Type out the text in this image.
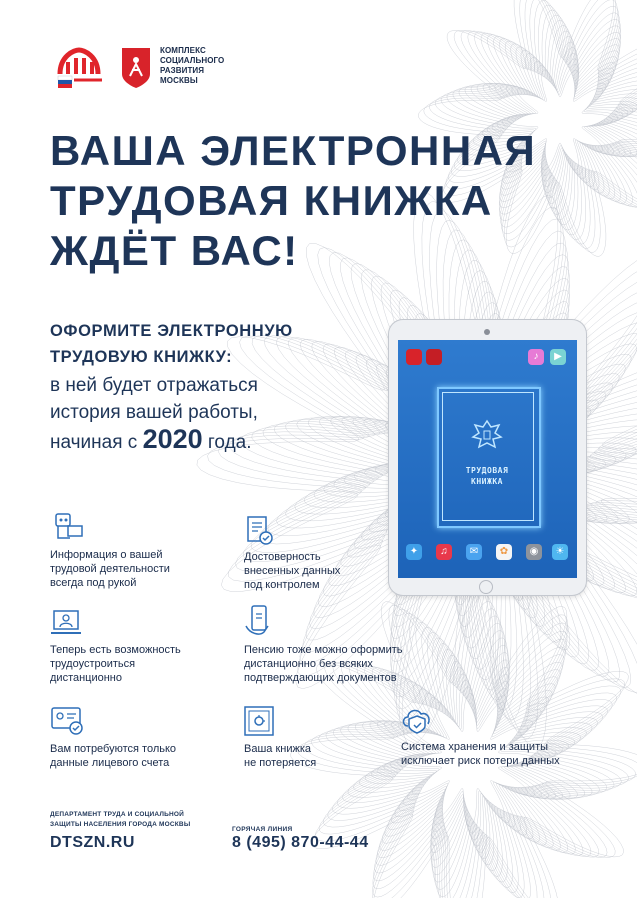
КОМПЛЕКС
СОЦИАЛЬНОГО
РАЗВИТИЯ
МОСКВЫ
ВАША ЭЛЕКТРОННАЯ
ТРУДОВАЯ КНИЖКА
ЖДЁТ ВАС!
ОФОРМИТЕ ЭЛЕКТРОННУЮ
ТРУДОВУЮ КНИЖКУ:
в ней будет отражаться
история вашей работы,
начиная с 2020 года.
♪	▶
ТРУДОВАЯ
КНИЖКА
✦	♫	✉	✿	◉	☀
Информация о вашей
трудовой деятельности
всегда под рукой
Достоверность
внесенных данных
под контролем
Теперь есть возможность
трудоустроиться
дистанционно
Пенсию тоже можно оформить
дистанционно без всяких
подтверждающих документов
Вам потребуются только
данные лицевого счета
Ваша книжка
не потеряется
Система хранения и защиты
исключает риск потери данных
ДЕПАРТАМЕНТ ТРУДА И СОЦИАЛЬНОЙ
ЗАЩИТЫ НАСЕЛЕНИЯ ГОРОДА МОСКВЫ
DTSZN.RU
ГОРЯЧАЯ ЛИНИЯ
8 (495) 870-44-44
